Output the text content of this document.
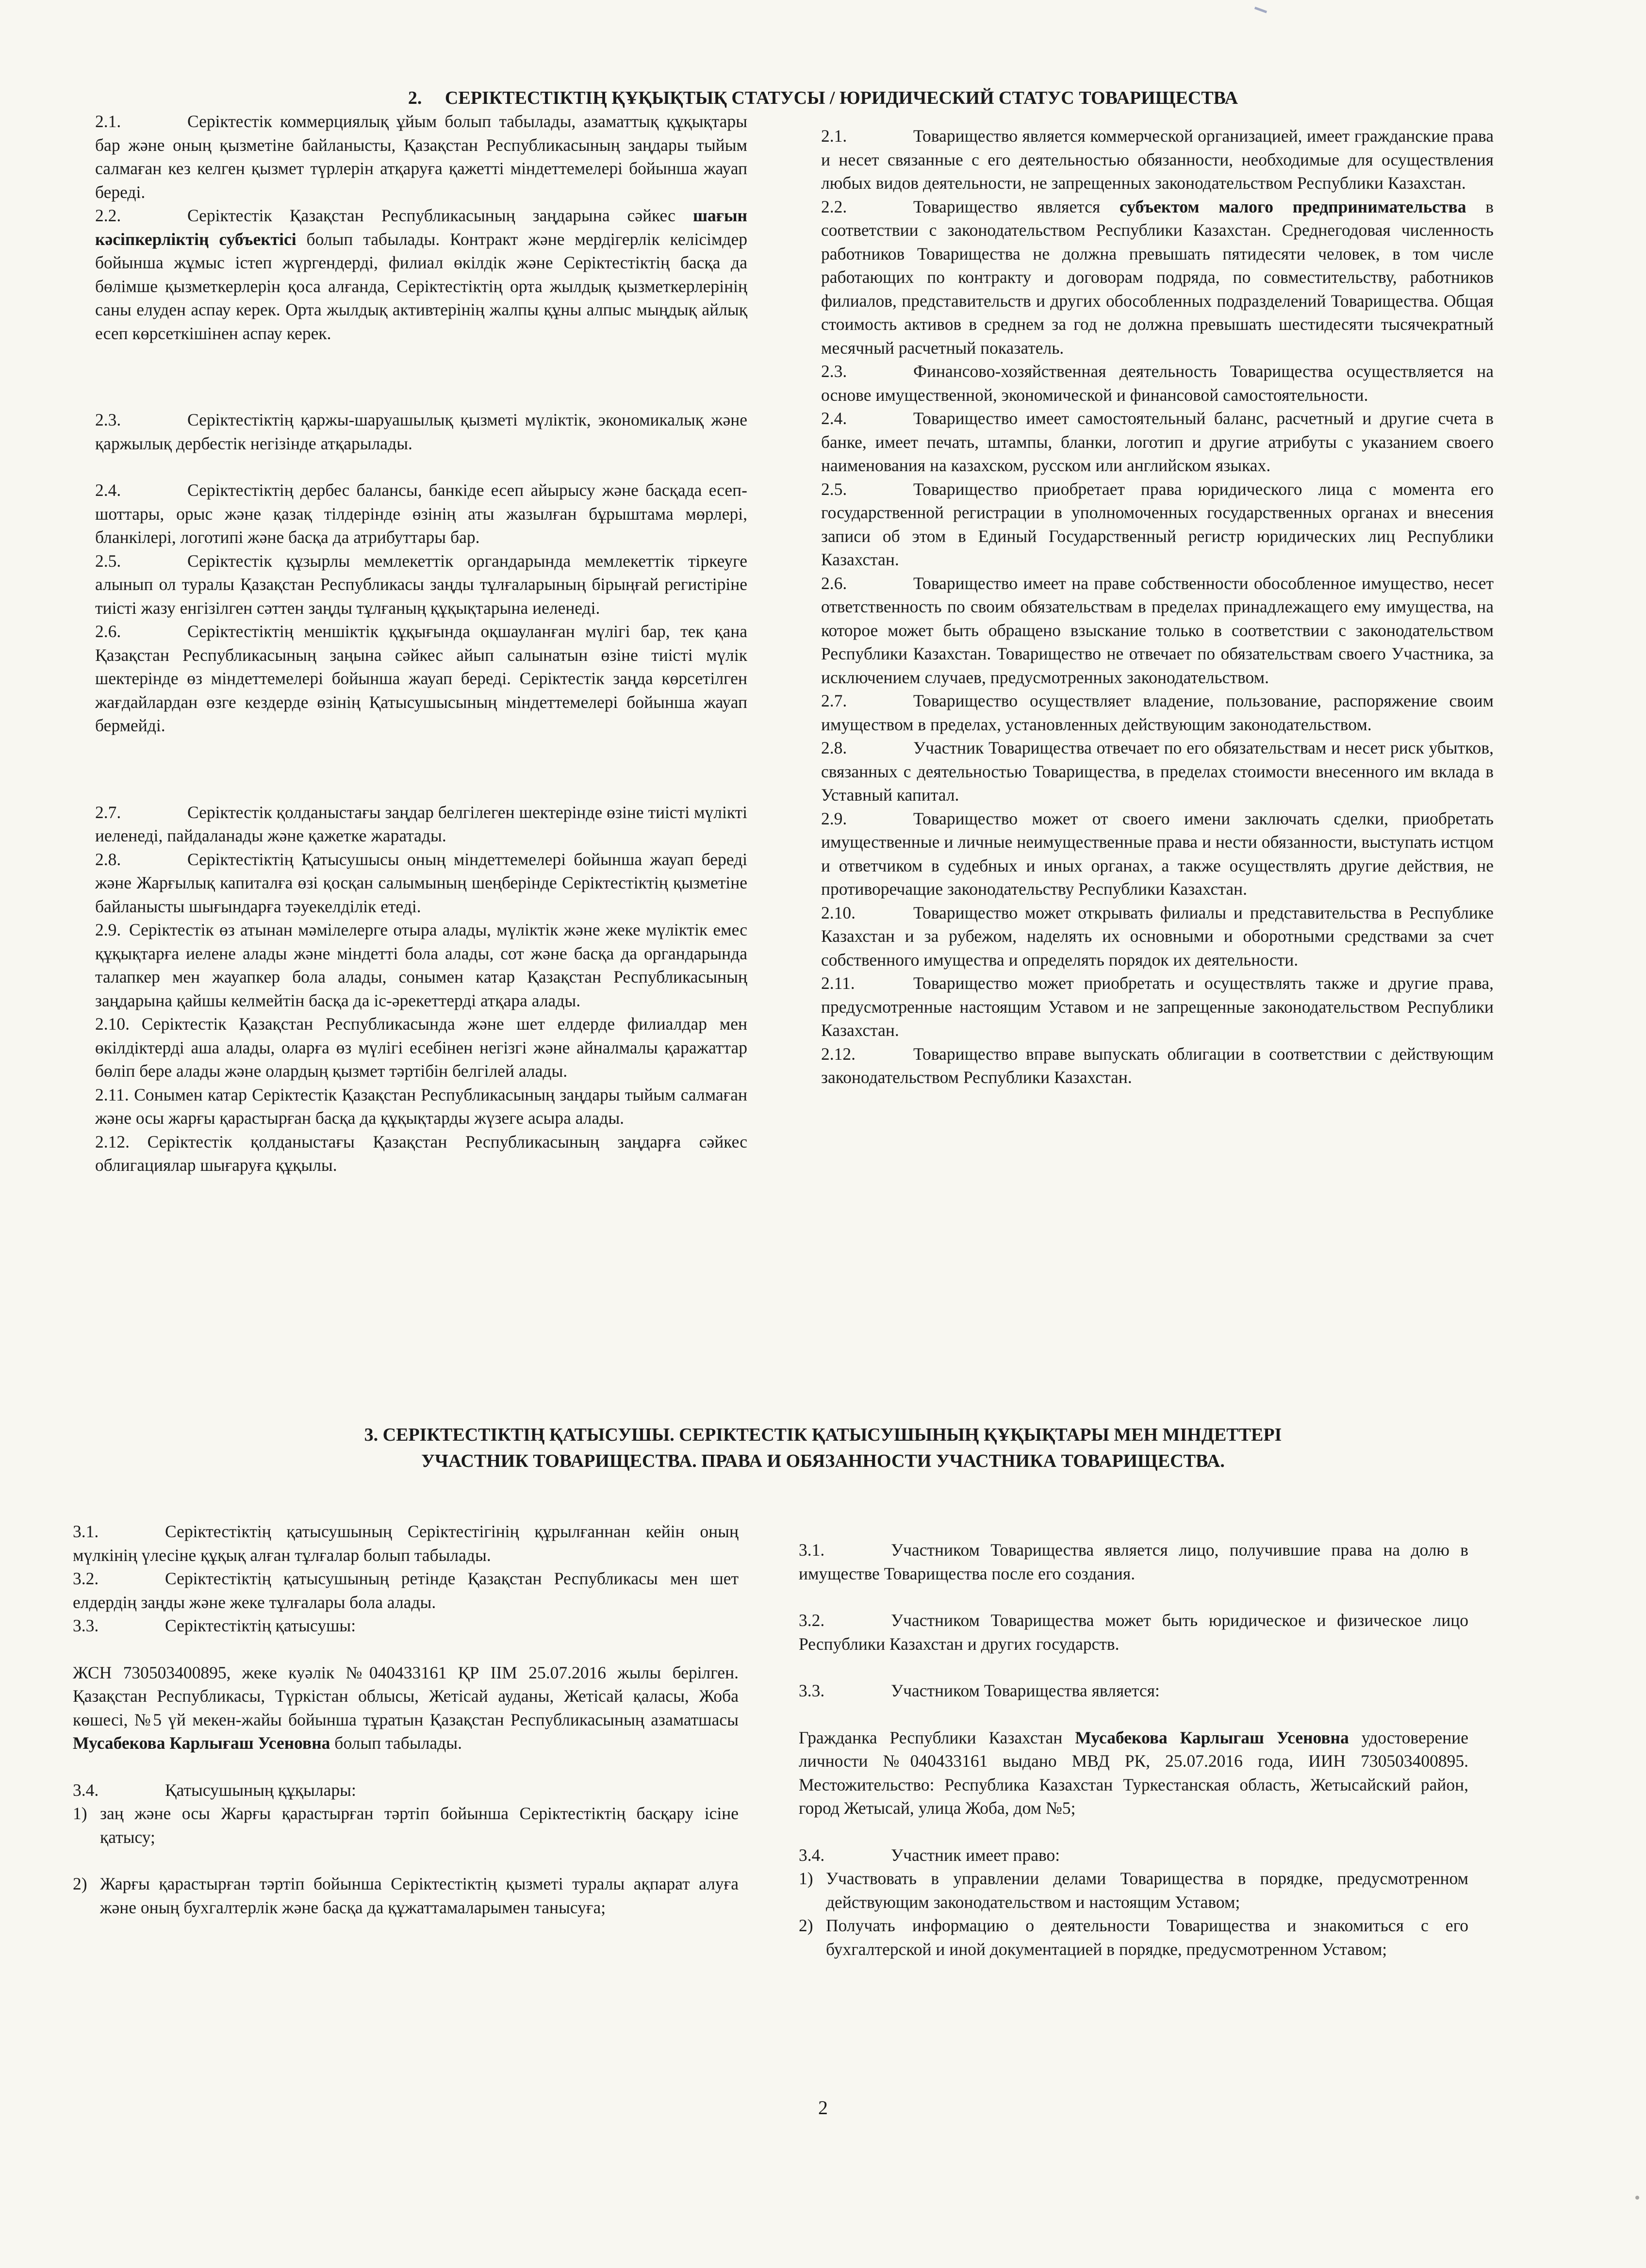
2.     СЕРІКТЕСТІКТІҢ ҚҰҚЫҚТЫҚ СТАТУСЫ / ЮРИДИЧЕСКИЙ СТАТУС ТОВАРИЩЕСТВА

2.1.	Серіктестік коммерциялық ұйым болып табылады, азаматтық құқықтары бар және оның қызметіне байланысты, Қазақстан Республикасының заңдары тыйым салмаған кез келген қызмет түрлерін атқаруға қажетті міндеттемелері бойынша жауап береді.

2.2.	Серіктестік Қазақстан Республикасының заңдарына сәйкес шағын кәсіпкерліктің субъектісі болып табылады. Контракт және мердігерлік келісімдер бойынша жұмыс істеп жүргендерді, филиал өкілдік және Серіктестіктің басқа да бөлімше қызметкерлерін қоса алғанда, Серіктестіктің орта жылдық қызметкерлерінің саны елуден аспау керек. Орта жылдық активтерінің жалпы құны алпыс мыңдық айлық есеп көрсеткішінен аспау керек.

2.3.	Серіктестіктің қаржы-шаруашылық қызметі мүліктік, экономикалық және қаржылық дербестік негізінде атқарылады.

2.4.	Серіктестіктің дербес балансы, банкіде есеп айырысу және басқада есеп-шоттары, орыс және қазақ тілдерінде өзінің аты жазылған бұрыштама мөрлері, бланкілері, логотипі және басқа да атрибуттары бар.

2.5.	Серіктестік құзырлы мемлекеттік органдарында мемлекеттік тіркеуге алынып ол туралы Қазақстан Республикасы заңды тұлғаларының бірыңғай регистіріне тиісті жазу енгізілген сәттен заңды тұлғаның құқықтарына иеленеді.

2.6.	Серіктестіктің меншіктік құқығында оқшауланған мүлігі бар, тек қана Қазақстан Республикасының заңына сәйкес айып салынатын өзіне тиісті мүлік шектерінде өз міндеттемелері бойынша жауап береді. Серіктестік заңда көрсетілген жағдайлардан өзге кездерде өзінің Қатысушысының міндеттемелері бойынша жауап бермейді.

2.7.	Серіктестік қолданыстағы заңдар белгілеген шектерінде өзіне тиісті мүлікті иеленеді, пайдаланады және қажетке жаратады.

2.8.	Серіктестіктің Қатысушысы оның міндеттемелері бойынша жауап береді және Жарғылық капиталға өзі қосқан салымының шеңберінде Серіктестіктің қызметіне байланысты шығындарға тәуекелділік етеді.

2.9. Серіктестік өз атынан мәмілелерге отыра алады, мүліктік және жеке мүліктік емес құқықтарға иелене алады және міндетті бола алады, сот және басқа да органдарында талапкер мен жауапкер бола алады, сонымен катар Қазақстан Республикасының заңдарына қайшы келмейтін басқа да іс-әрекеттерді атқара алады.

2.10. Серіктестік Қазақстан Республикасында және шет елдерде филиалдар мен өкілдіктерді аша алады, оларға өз мүлігі есебінен негізгі және айналмалы қаражаттар бөліп бере алады және олардың қызмет тәртібін белгілей алады.

2.11. Сонымен катар Серіктестік Қазақстан Республикасының заңдары тыйым салмаған және осы жарғы қарастырған басқа да құқықтарды жүзеге асыра алады.

2.12. Серіктестік қолданыстағы Қазақстан Республикасының заңдарға сәйкес облигациялар шығаруға құқылы.

2.1.	Товарищество является коммерческой организацией, имеет гражданские права и несет связанные с его деятельностью обязанности, необходимые для осуществления любых видов деятельности, не запрещенных законодательством Республики Казахстан.

2.2.	Товарищество является субъектом малого предпринимательства в соответствии с законодательством Республики Казахстан. Среднегодовая численность работников Товарищества не должна превышать пятидесяти человек, в том числе работающих по контракту и договорам подряда, по совместительству, работников филиалов, представительств и других обособленных подразделений Товарищества. Общая стоимость активов в среднем за год не должна превышать шестидесяти тысячекратный месячный расчетный показатель.

2.3.	Финансово-хозяйственная деятельность Товарищества осуществляется на основе имущественной, экономической и финансовой самостоятельности.

2.4.	Товарищество имеет самостоятельный баланс, расчетный и другие счета в банке, имеет печать, штампы, бланки, логотип и другие атрибуты с указанием своего наименования на казахском, русском или английском языках.

2.5.	Товарищество приобретает права юридического лица с момента его государственной регистрации в уполномоченных государственных органах и внесения записи об этом в Единый Государственный регистр юридических лиц Республики Казахстан.

2.6.	Товарищество имеет на праве собственности обособленное имущество, несет ответственность по своим обязательствам в пределах принадлежащего ему имущества, на которое может быть обращено взыскание только в соответствии с законодательством Республики Казахстан. Товарищество не отвечает по обязательствам своего Участника, за исключением случаев, предусмотренных законодательством.

2.7.	Товарищество осуществляет владение, пользование, распоряжение своим имуществом в пределах, установленных действующим законодательством.

2.8.	Участник Товарищества отвечает по его обязательствам и несет риск убытков, связанных с деятельностью Товарищества, в пределах стоимости внесенного им вклада в Уставный капитал.

2.9.	Товарищество может от своего имени заключать сделки, приобретать имущественные и личные неимущественные права и нести обязанности, выступать истцом и ответчиком в судебных и иных органах, а также осуществлять другие действия, не противоречащие законодательству Республики Казахстан.

2.10.	Товарищество может открывать филиалы и представительства в Республике Казахстан и за рубежом, наделять их основными и оборотными средствами за счет собственного имущества и определять порядок их деятельности.

2.11.	Товарищество может приобретать и осуществлять также и другие права, предусмотренные настоящим Уставом и не запрещенные законодательством Республики Казахстан.

2.12.	Товарищество вправе выпускать облигации в соответствии с действующим законодательством Республики Казахстан.

3. СЕРІКТЕСТІКТІҢ ҚАТЫСУШЫ. СЕРІКТЕСТІК ҚАТЫСУШЫНЫҢ ҚҰҚЫҚТАРЫ МЕН МІНДЕТТЕРІ
УЧАСТНИК ТОВАРИЩЕСТВА. ПРАВА И ОБЯЗАННОСТИ УЧАСТНИКА ТОВАРИЩЕСТВА.

3.1.	Серіктестіктің қатысушының Серіктестігінің құрылғаннан кейін оның мүлкінің үлесіне құқық алған тұлғалар болып табылады.

3.2.	Серіктестіктің қатысушының ретінде Қазақстан Республикасы мен шет елдердің заңды және жеке тұлғалары бола алады.

3.3.	Серіктестіктің қатысушы:

ЖСН 730503400895, жеке куәлік №040433161 ҚР ІІМ 25.07.2016 жылы берілген. Қазақстан Республикасы, Түркістан облысы, Жетісай ауданы, Жетісай қаласы, Жоба көшесі, №5 үй мекен-жайы бойынша тұратын Қазақстан Республикасының азаматшасы Мусабекова Карлығаш Усеновна болып табылады.

3.4.	Қатысушының құқылары:

1) заң және осы Жарғы қарастырған тәртіп бойынша Серіктестіктің басқару ісіне қатысу;
2) Жарғы қарастырған тәртіп бойынша Серіктестіктің қызметі туралы ақпарат алуға және оның бухгалтерлік және басқа да құжаттамаларымен танысуға;

3.1.	Участником Товарищества является лицо, получившие права на долю в имуществе Товарищества после его создания.

3.2.	Участником Товарищества может быть юридическое и физическое лицо Республики Казахстан и других государств.

3.3.	Участником Товарищества является:

Гражданка Республики Казахстан Мусабекова Карлыгаш Усеновна удостоверение личности №040433161 выдано МВД РК, 25.07.2016 года, ИИН 730503400895. Местожительство: Республика Казахстан Туркестанская область, Жетысайский район, город Жетысай, улица Жоба, дом №5;

3.4.	Участник имеет право:

1) Участвовать в управлении делами Товарищества в порядке, предусмотренном действующим законодательством и настоящим Уставом;
2) Получать информацию о деятельности Товарищества и знакомиться с его бухгалтерской и иной документацией в порядке, предусмотренном Уставом;
2
